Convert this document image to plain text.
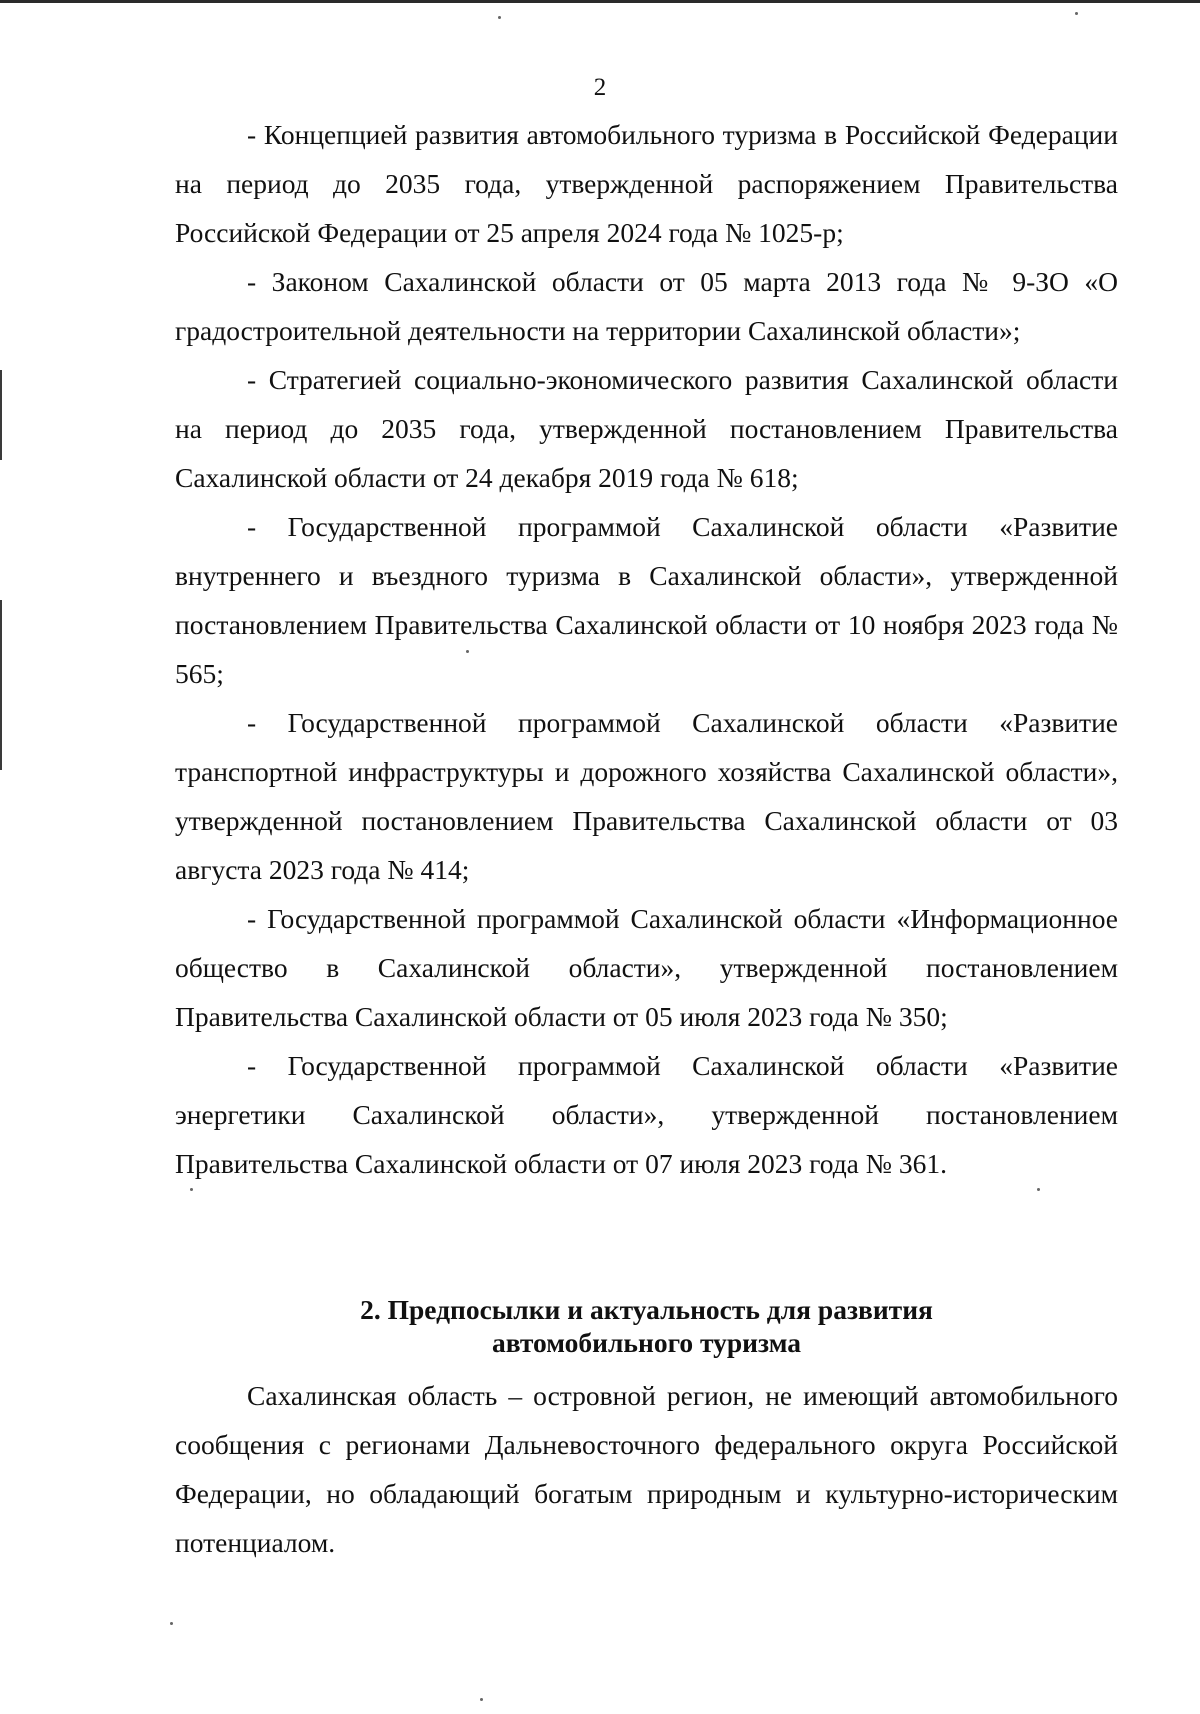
2

- Концепцией развития автомобильного туризма в Российской Федерации на период до 2035 года, утвержденной распоряжением Правительства Российской Федерации от 25 апреля 2024 года № 1025-р;

- Законом Сахалинской области от 05 марта 2013 года № 9-ЗО «О градостроительной деятельности на территории Сахалинской области»;

- Стратегией социально-экономического развития Сахалинской области на период до 2035 года, утвержденной постановлением Правительства Сахалинской области от 24 декабря 2019 года № 618;

- Государственной программой Сахалинской области «Развитие внутреннего и въездного туризма в Сахалинской области», утвержденной постановлением Правительства Сахалинской области от 10 ноября 2023 года № 565;

- Государственной программой Сахалинской области «Развитие транспортной инфраструктуры и дорожного хозяйства Сахалинской области», утвержденной постановлением Правительства Сахалинской области от 03 августа 2023 года № 414;

- Государственной программой Сахалинской области «Информационное общество в Сахалинской области», утвержденной постановлением Правительства Сахалинской области от 05 июля 2023 года № 350;

- Государственной программой Сахалинской области «Развитие энергетики Сахалинской области», утвержденной постановлением Правительства Сахалинской области от 07 июля 2023 года № 361.

2. Предпосылки и актуальность для развития
автомобильного туризма

Сахалинская область – островной регион, не имеющий автомобильного сообщения с регионами Дальневосточного федерального округа Российской Федерации, но обладающий богатым природным и культурно-историческим потенциалом.
